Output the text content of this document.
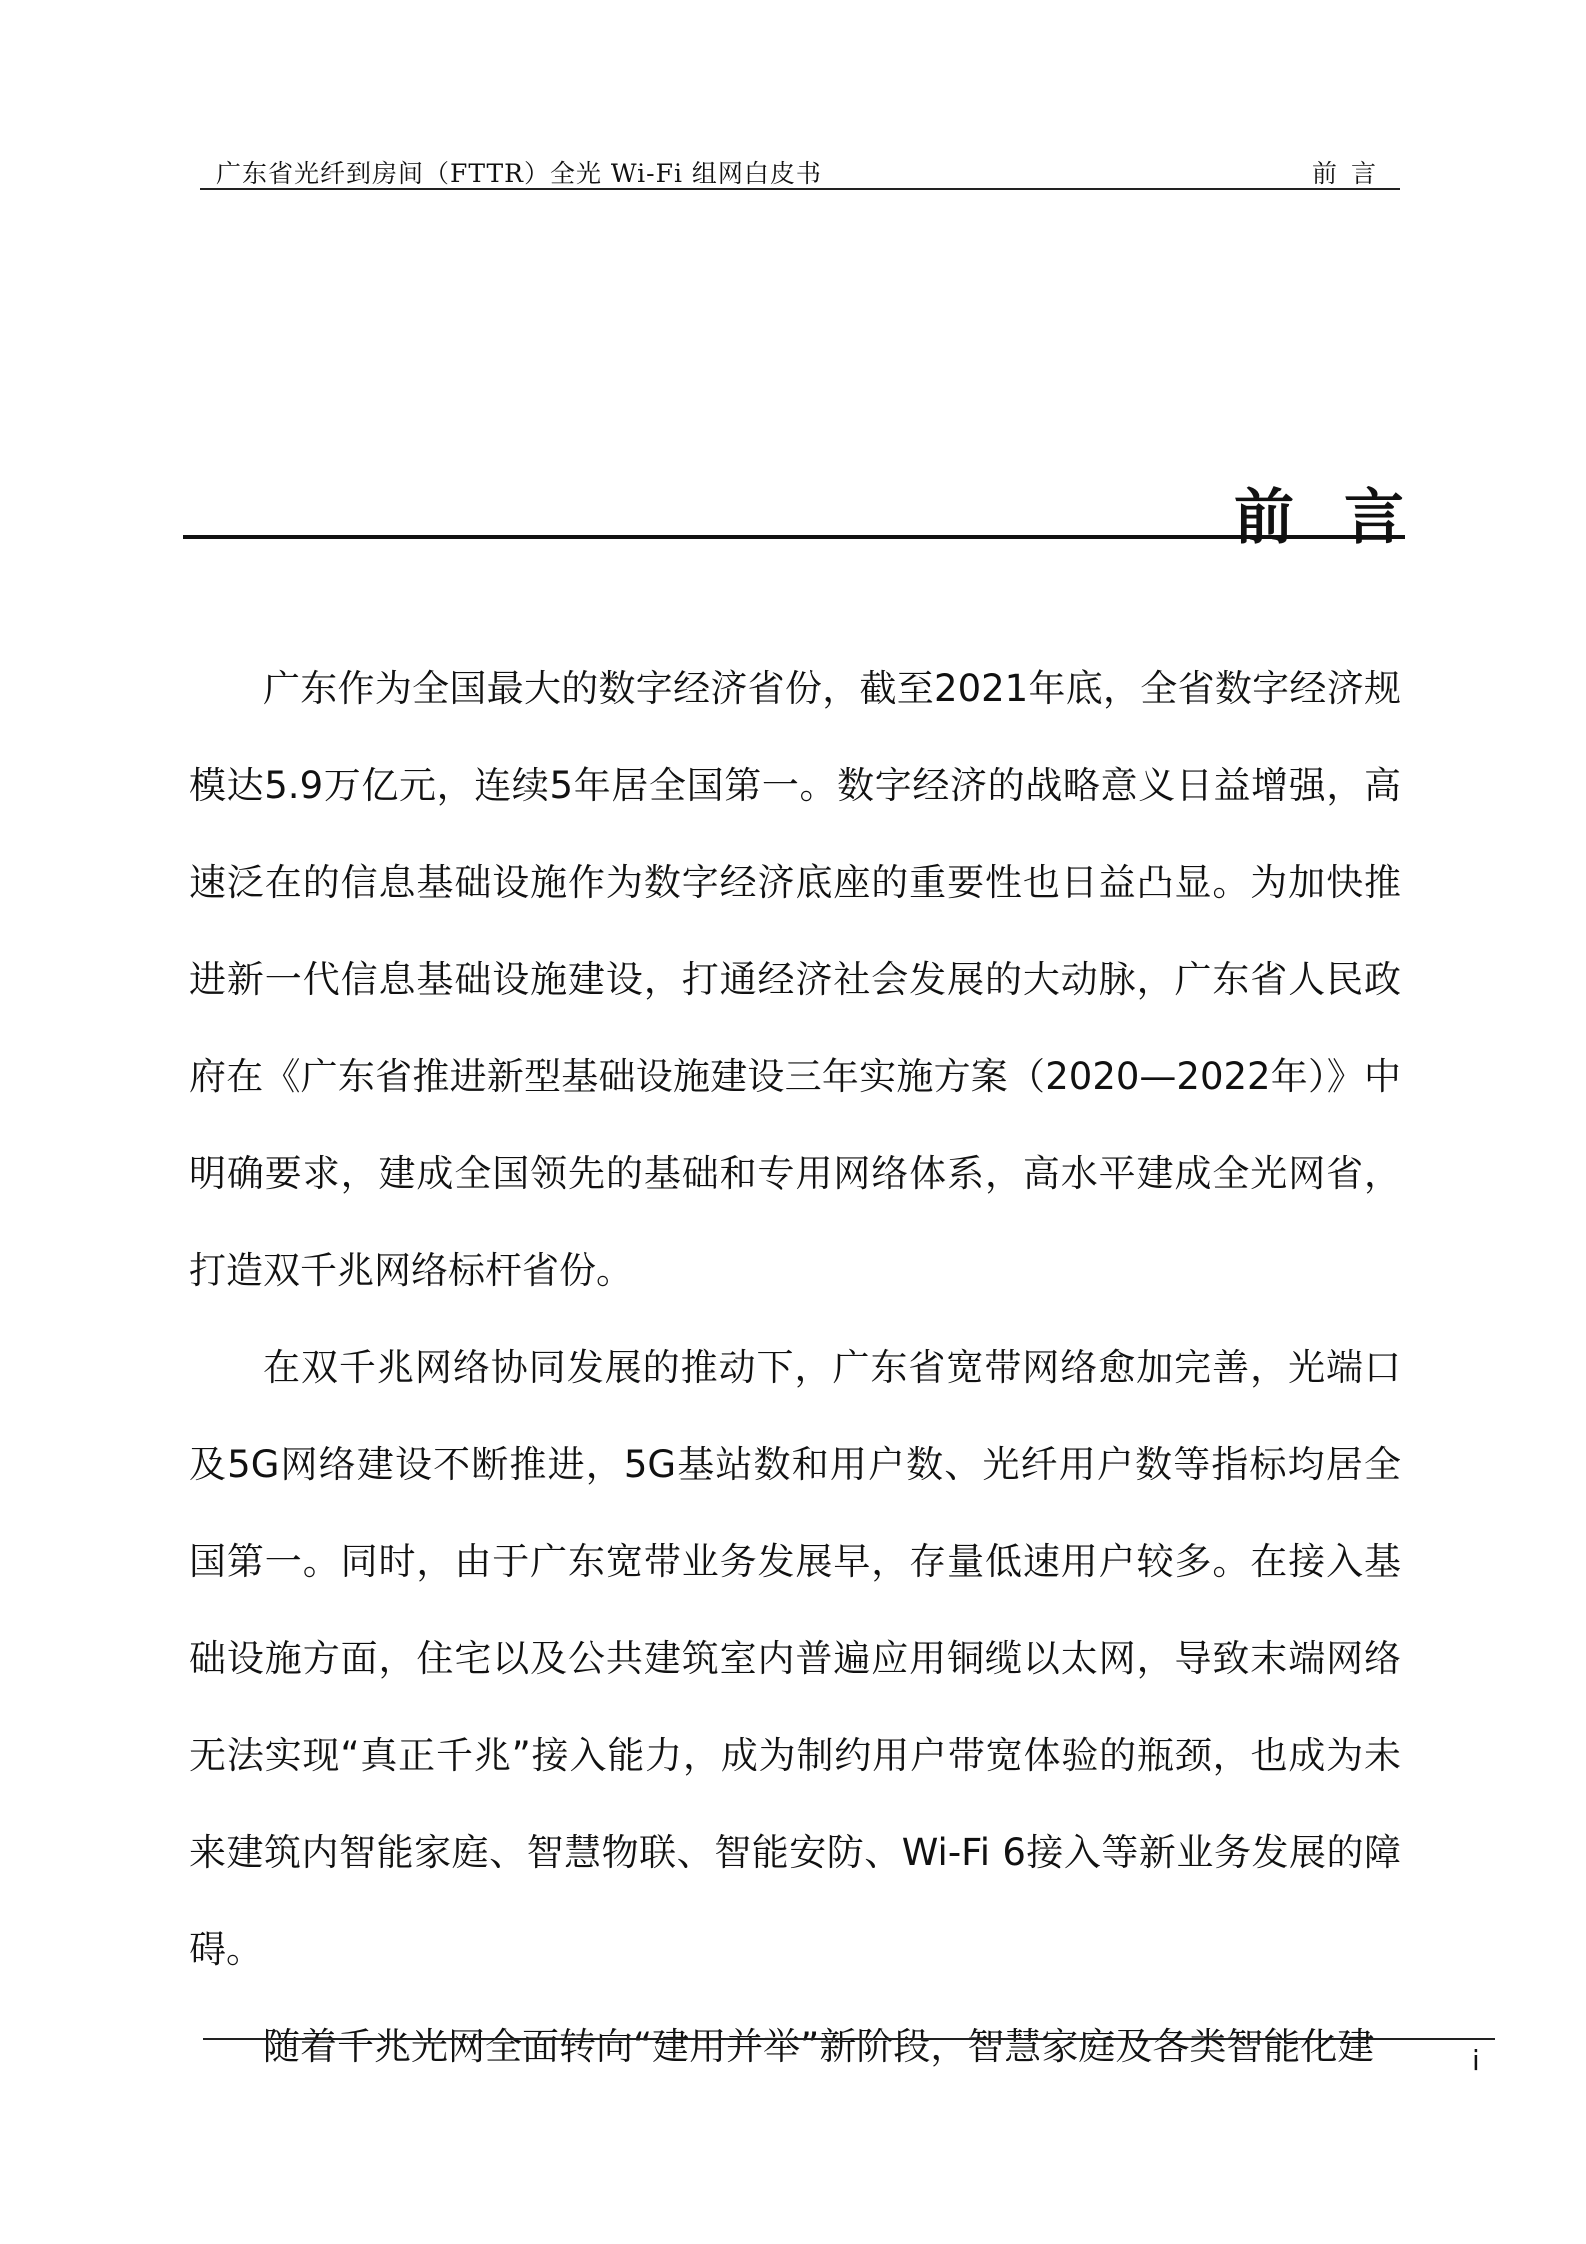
广东省光纤到房间（FTTR）全光 Wi-Fi 组网白皮书	前言
前言

广东作为全国最大的数字经济省份，截至2021年底，全省数字经济规模达5.9万亿元，连续5年居全国第一。数字经济的战略意义日益增强，高速泛在的信息基础设施作为数字经济底座的重要性也日益凸显。为加快推进新一代信息基础设施建设，打通经济社会发展的大动脉，广东省人民政府在《广东省推进新型基础设施建设三年实施方案（2020—2022年）》中明确要求，建成全国领先的基础和专用网络体系，高水平建成全光网省，打造双千兆网络标杆省份。

在双千兆网络协同发展的推动下，广东省宽带网络愈加完善，光端口及5G网络建设不断推进，5G基站数和用户数、光纤用户数等指标均居全国第一。同时，由于广东宽带业务发展早，存量低速用户较多。在接入基础设施方面，住宅以及公共建筑室内普遍应用铜缆以太网，导致末端网络无法实现“真正千兆”接入能力，成为制约用户带宽体验的瓶颈，也成为未来建筑内智能家庭、智慧物联、智能安防、Wi-Fi 6接入等新业务发展的障碍。

随着千兆光网全面转向“建用并举”新阶段，智慧家庭及各类智能化建	i
